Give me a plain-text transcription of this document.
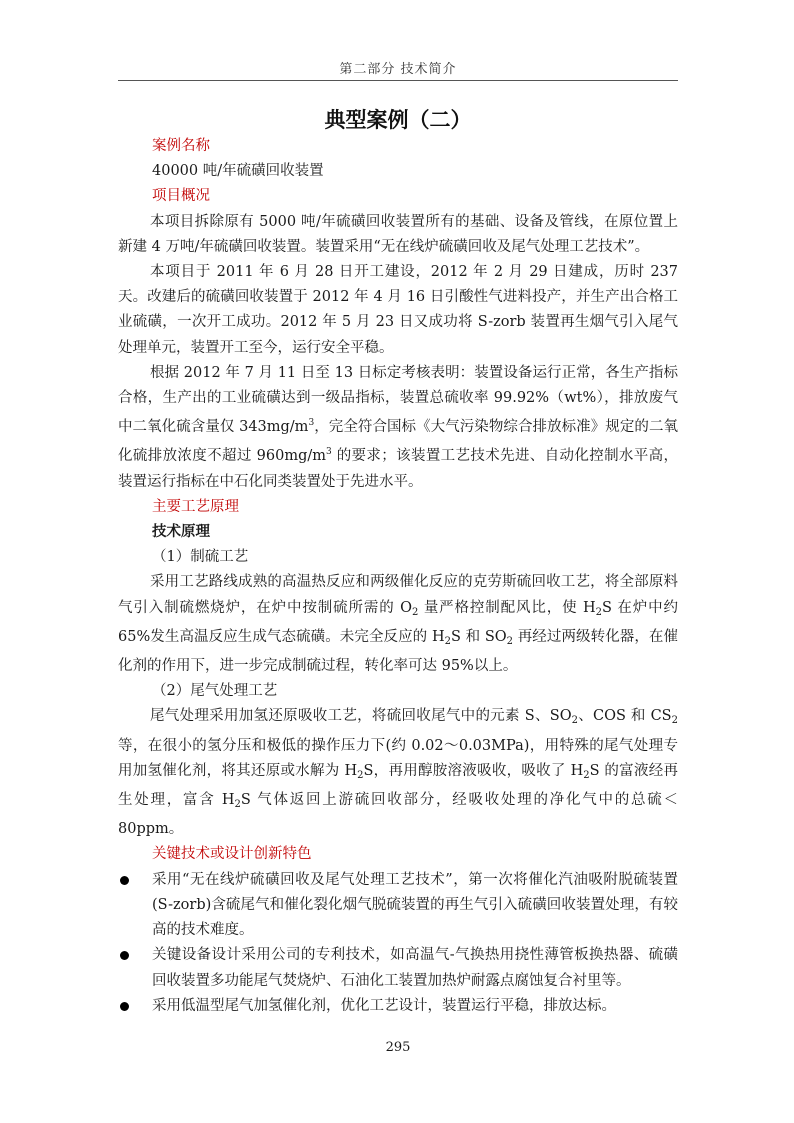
第二部分 技术简介
典型案例（二）
案例名称
40000 吨/年硫磺回收装置
项目概况

本项目拆除原有 5000 吨/年硫磺回收装置所有的基础、设备及管线，在原位置上新建 4 万吨/年硫磺回收装置。装置采用“无在线炉硫磺回收及尾气处理工艺技术”。

本项目于 2011 年 6 月 28 日开工建设，2012 年 2 月 29 日建成，历时 237 天。改建后的硫磺回收装置于 2012 年 4 月 16 日引酸性气进料投产，并生产出合格工业硫磺，一次开工成功。2012 年 5 月 23 日又成功将 S-zorb 装置再生烟气引入尾气处理单元，装置开工至今，运行安全平稳。

根据 2012 年 7 月 11 日至 13 日标定考核表明：装置设备运行正常，各生产指标合格，生产出的工业硫磺达到一级品指标，装置总硫收率 99.92%（wt%），排放废气中二氧化硫含量仅 $343mg/m^3$，完全符合国标《大气污染物综合排放标准》规定的二氧化硫排放浓度不超过 $960mg/m^3$ 的要求；该装置工艺技术先进、自动化控制水平高，装置运行指标在中石化同类装置处于先进水平。

主要工艺原理
技术原理
（1）制硫工艺

采用工艺路线成熟的高温热反应和两级催化反应的克劳斯硫回收工艺，将全部原料气引入制硫燃烧炉，在炉中按制硫所需的 $O_2$ 量严格控制配风比，使 $H_2S$ 在炉中约 65%发生高温反应生成气态硫磺。未完全反应的 $H_2S$ 和 $SO_2$ 再经过两级转化器，在催化剂的作用下，进一步完成制硫过程，转化率可达 95%以上。

（2）尾气处理工艺

尾气处理采用加氢还原吸收工艺，将硫回收尾气中的元素 S、$SO_2$、COS 和 $CS_2$ 等，在很小的氢分压和极低的操作压力下(约 0.02～0.03MPa)，用特殊的尾气处理专用加氢催化剂，将其还原或水解为 $H_2S$，再用醇胺溶液吸收，吸收了 $H_2S$ 的富液经再生处理，富含 $H_2S$ 气体返回上游硫回收部分，经吸收处理的净化气中的总硫＜80ppm。

关键技术或设计创新特色
采用“无在线炉硫磺回收及尾气处理工艺技术”，第一次将催化汽油吸附脱硫装置(S-zorb)含硫尾气和催化裂化烟气脱硫装置的再生气引入硫磺回收装置处理，有较高的技术难度。
关键设备设计采用公司的专利技术，如高温气-气换热用挠性薄管板换热器、硫磺回收装置多功能尾气焚烧炉、石油化工装置加热炉耐露点腐蚀复合衬里等。
采用低温型尾气加氢催化剂，优化工艺设计，装置运行平稳，排放达标。
295
